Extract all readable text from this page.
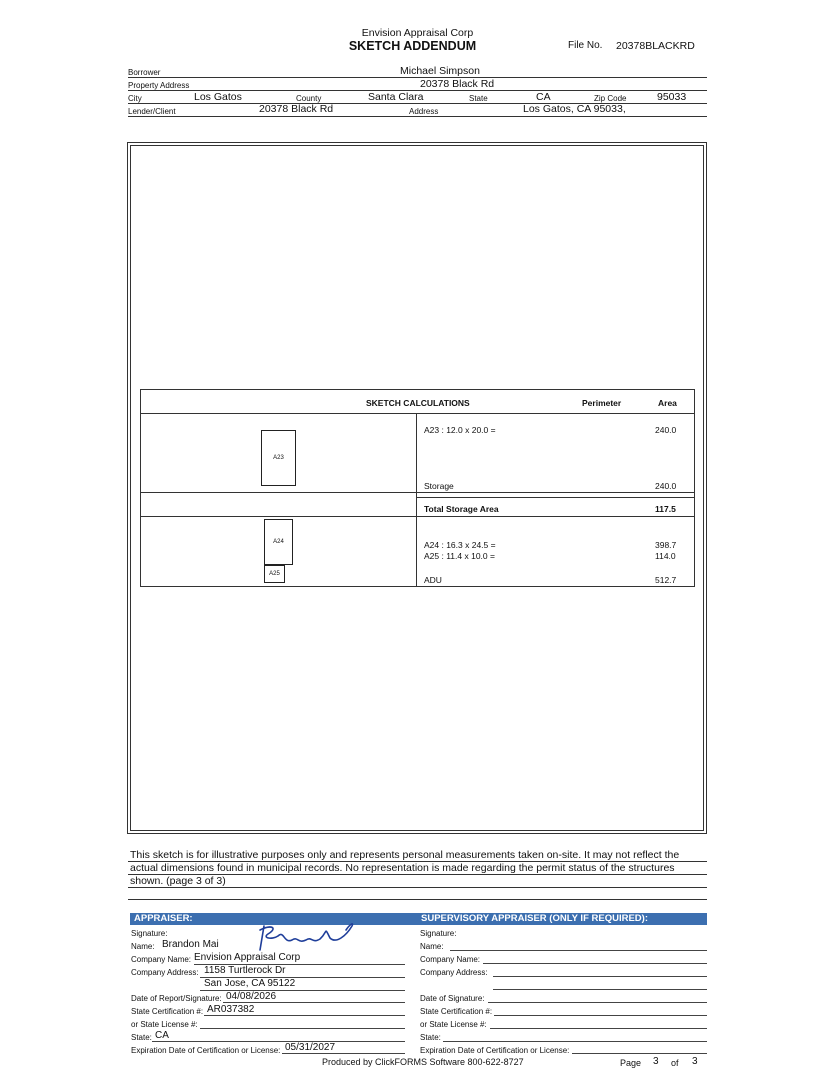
Envision Appraisal Corp
SKETCH ADDENDUM	File No. 20378BLACKRD
Borrower	Michael Simpson
Property Address	20378 Black Rd
City	Los Gatos	County	Santa Clara	State	CA	Zip Code	95033
Lender/Client	20378 Black Rd	Address	Los Gatos, CA 95033,
SKETCH CALCULATIONS	Perimeter	Area
A23
A24
A25
A23 : 12.0 x 20.0 =	240.0
Storage	240.0
Total Storage Area	117.5
A24 : 16.3 x 24.5 =	398.7
A25 : 11.4 x 10.0 =	114.0
ADU	512.7
This sketch is for illustrative purposes only and represents personal measurements taken on-site. It may not reflect the
actual dimensions found in municipal records. No representation is made regarding the permit status of the structures
shown. (page 3 of 3)
APPRAISER:	SUPERVISORY APPRAISER (ONLY IF REQUIRED):
Signature:
Name: Brandon Mai
Company Name: Envision Appraisal Corp
Company Address: 1158 Turtlerock Dr
San Jose, CA 95122
Date of Report/Signature: 04/08/2026
State Certification #: AR037382
or State License #:
State: CA
Expiration Date of Certification or License: 05/31/2027
Signature:
Name:
Company Name:
Company Address:
Date of Signature:
State Certification #:
or State License #:
State:
Expiration Date of Certification or License:
Produced by ClickFORMS Software 800-622-8727	Page 3 of 3
